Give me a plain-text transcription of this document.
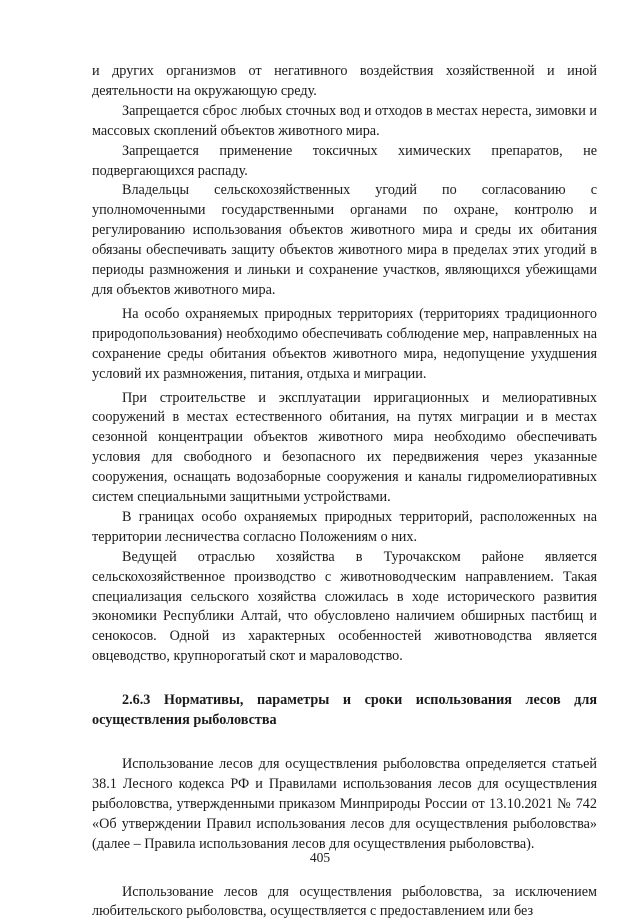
и других организмов от негативного воздействия хозяйственной и иной деятельности на окружающую среду.

Запрещается сброс любых сточных вод и отходов в местах нереста, зимовки и массовых скоплений объектов животного мира.

Запрещается применение токсичных химических препаратов, не подвергающихся распаду.

Владельцы сельскохозяйственных угодий по согласованию с уполномоченными государственными органами по охране, контролю и регулированию использования объектов животного мира и среды их обитания обязаны обеспечивать защиту объектов животного мира в пределах этих угодий в периоды размножения и линьки и сохранение участков, являющихся убежищами для объектов животного мира.

На особо охраняемых природных территориях (территориях традиционного природопользования) необходимо обеспечивать соблюдение мер, направленных на сохранение среды обитания объектов животного мира, недопущение ухудшения условий их размножения, питания, отдыха и миграции.

При строительстве и эксплуатации ирригационных и мелиоративных сооружений в местах естественного обитания, на путях миграции и в местах сезонной концентрации объектов животного мира необходимо обеспечивать условия для свободного и безопасного их передвижения через указанные сооружения, оснащать водозаборные сооружения и каналы гидромелиоративных систем специальными защитными устройствами.

В границах особо охраняемых природных территорий, расположенных на территории лесничества согласно Положениям о них.

Ведущей отраслью хозяйства в Турочакском районе является сельскохозяйственное производство с животноводческим направлением. Такая специализация сельского хозяйства сложилась в ходе исторического развития экономики Республики Алтай, что обусловлено наличием обширных пастбищ и сенокосов. Одной из характерных особенностей животноводства является овцеводство, крупнорогатый скот и мараловодство.

2.6.3 Нормативы, параметры и сроки использования лесов для осуществления рыболовства

Использование лесов для осуществления рыболовства определяется статьей 38.1 Лесного кодекса РФ и Правилами использования лесов для осуществления рыболовства, утвержденными приказом Минприроды России от 13.10.2021 № 742 «Об утверждении Правил использования лесов для осуществления рыболовства» (далее – Правила использования лесов для осуществления рыболовства).

Использование лесов для осуществления рыболовства, за исключением любительского рыболовства, осуществляется с предоставлением или без

405
